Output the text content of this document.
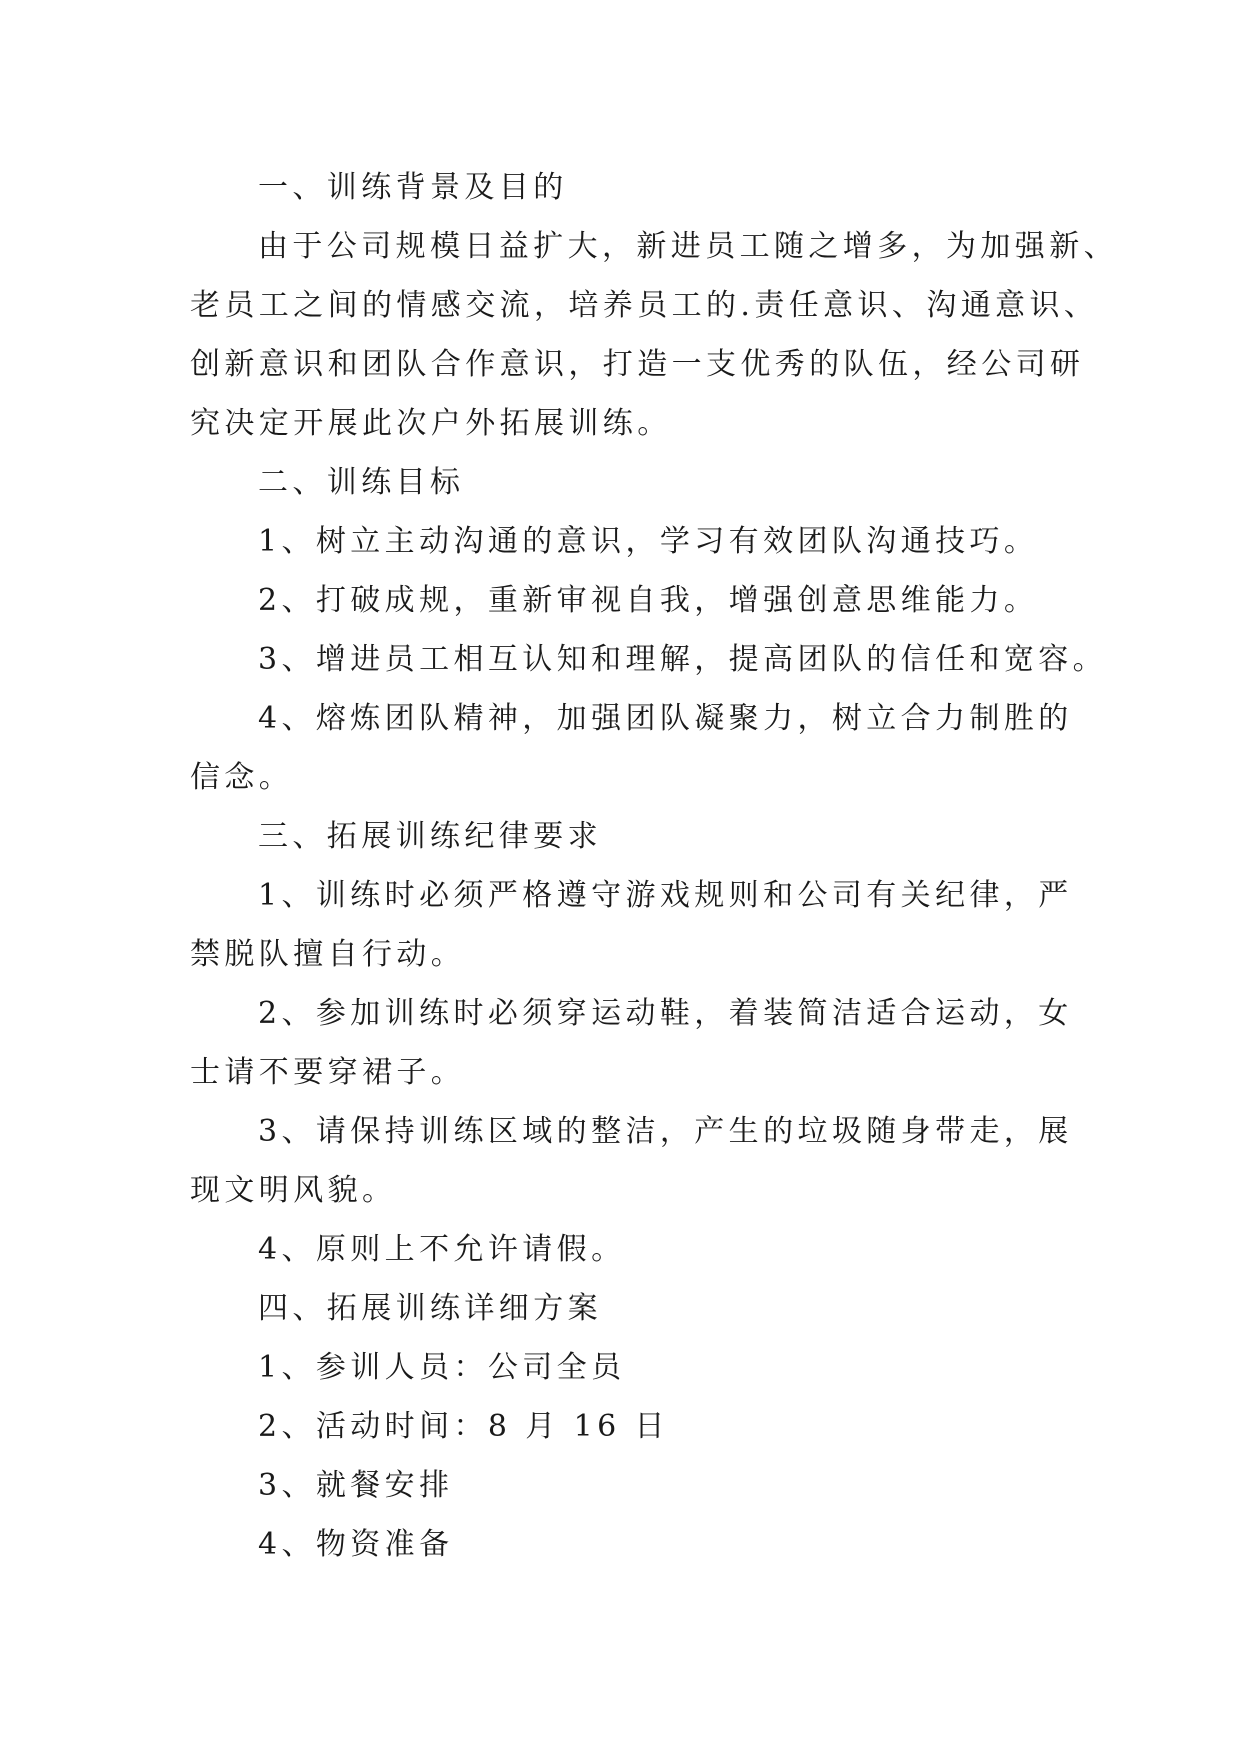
一、训练背景及目的

由于公司规模日益扩大，新进员工随之增多，为加强新、

老员工之间的情感交流，培养员工的.责任意识、沟通意识、

创新意识和团队合作意识，打造一支优秀的队伍，经公司研

究决定开展此次户外拓展训练。

二、训练目标

1、树立主动沟通的意识，学习有效团队沟通技巧。

2、打破成规，重新审视自我，增强创意思维能力。

3、增进员工相互认知和理解，提高团队的信任和宽容。

4、熔炼团队精神，加强团队凝聚力，树立合力制胜的

信念。

三、拓展训练纪律要求

1、训练时必须严格遵守游戏规则和公司有关纪律，严

禁脱队擅自行动。

2、参加训练时必须穿运动鞋，着装简洁适合运动，女

士请不要穿裙子。

3、请保持训练区域的整洁，产生的垃圾随身带走，展

现文明风貌。

4、原则上不允许请假。

四、拓展训练详细方案

1、参训人员：公司全员

2、活动时间：8 月 16 日

3、就餐安排

4、物资准备
